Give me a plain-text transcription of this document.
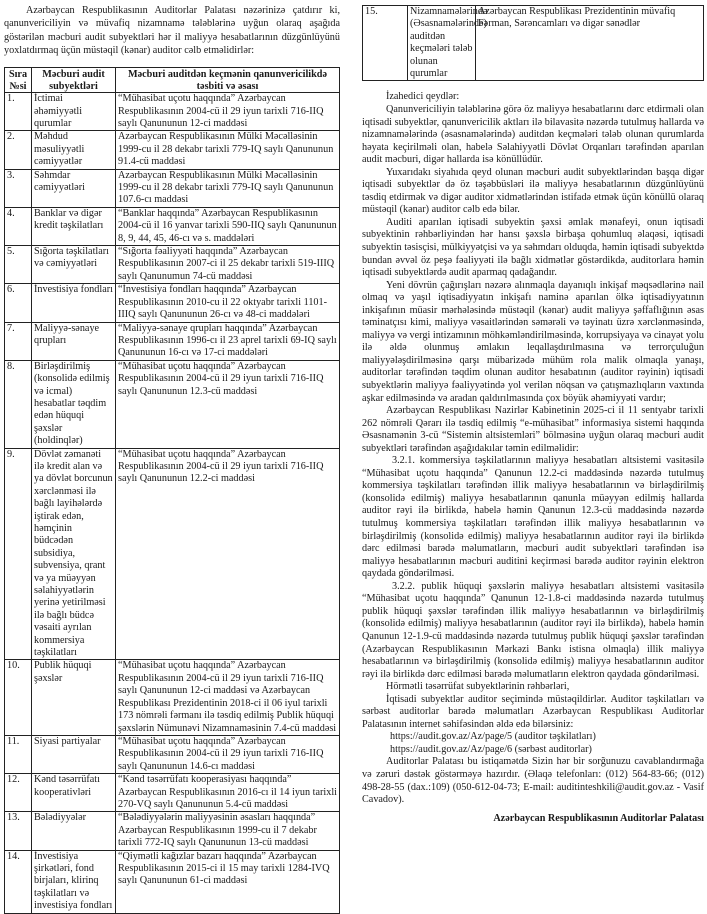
Azərbaycan Respublikasının Auditorlar Palatası nəzərinizə çatdırır ki, qanunvericiliyin və müvafiq nizamnamə tələblərinə uyğun olaraq aşağıda göstərilən məcburi audit subyektləri hər il maliyyə hesabatlarının düzgünlüyünü yoxlatdırmaq üçün müstəqil (kənar) auditor cəlb etməlidirlər:

Sıra №si	Məcburi audit subyektləri	Məcburi auditdən keçmənin qanunvericilikdə təsbiti və əsası
1.	İctimai əhəmiyyətli qurumlar	“Mühasibat uçotu haqqında” Azərbaycan Respublikasının 2004-cü il 29 iyun tarixli 716-IIQ saylı Qanununun 12-ci maddəsi
2.	Məhdud məsuliyyətli cəmiyyətlər	Azərbaycan Respublikasının Mülki Məcəlləsinin 1999-cu il 28 dekabr tarixli 779-IQ saylı Qanununun 91.4-cü maddəsi
3.	Səhmdar cəmiyyətləri	Azərbaycan Respublikasının Mülki Məcəlləsinin 1999-cu il 28 dekabr tarixli 779-IQ saylı Qanununun 107.6-cı maddəsi
4.	Banklar və digər kredit təşkilatları	“Banklar haqqında” Azərbaycan Respublikasının 2004-cü il 16 yanvar tarixli 590-IIQ saylı Qanununun 8, 9, 44, 45, 46-cı və s. maddələri
5.	Sığorta təşkilatları və cəmiyyətləri	“Sığorta fəaliyyəti haqqında” Azərbaycan Respublikasının 2007-ci il 25 dekabr tarixli 519-IIIQ saylı Qanunumun 74-cü maddəsi
6.	İnvestisiya fondları	“İnvestisiya fondları haqqında” Azərbaycan Respublikasının 2010-cu il 22 oktyabr tarixli 1101-IIIQ saylı Qanununun 26-cı və 48-ci maddələri
7.	Maliyyə-sənaye qrupları	“Maliyyə-sənaye qrupları haqqında” Azərbaycan Respublikasının 1996-cı il 23 aprel tarixli 69-IQ saylı Qanununun 16-cı və 17-ci maddələri
8.	Birləşdirilmiş (konsolidə edilmiş və icmal) hesabatlar təqdim edən hüquqi şəxslər (holdinqlər)	“Mühasibat uçotu haqqında” Azərbaycan Respublikasının 2004-cü il 29 iyun tarixli 716-IIQ saylı Qanununun 12.3-cü maddəsi
9.	Dövlət zəmanəti ilə kredit alan və ya dövlət borcunun xərclənməsi ilə bağlı layihələrdə iştirak edən, həmçinin büdcədən subsidiya, subvensiya, qrant və ya müəyyən səlahiyyətlərin yerinə yetirilməsi ilə bağlı büdcə vəsaiti ayrılan kommersiya təşkilatları	“Mühasibat uçotu haqqında” Azərbaycan Respublikasının 2004-cü il 29 iyun tarixli 716-IIQ saylı Qanununun 12.2-ci maddəsi
10.	Publik hüquqi şəxslər	“Mühasibat uçotu haqqında” Azərbaycan Respublikasının 2004-cü il 29 iyun tarixli 716-IIQ saylı Qanununun 12-ci maddəsi və Azərbaycan Respublikası Prezidentinin 2018-ci il 06 iyul tarixli 173 nömrəli fərmanı ilə təsdiq edilmiş Publik hüquqi şəxslərin Nümunəvi Nizamnaməsinin 7.4-cü maddəsi
11.	Siyasi partiyalar	“Mühasibat uçotu haqqında” Azərbaycan Respublikasının 2004-cü il 29 iyun tarixli 716-IIQ saylı Qanununun 14.6-cı maddəsi
12.	Kənd təsərrüfatı kooperativləri	“Kənd təsərrüfatı kooperasiyası haqqında” Azərbaycan Respublikasının 2016-cı il 14 iyun tarixli 270-VQ saylı Qanununun 5.4-cü maddəsi
13.	Bələdiyyələr	“Bələdiyyələrin maliyyəsinin əsasları haqqında” Azərbaycan Respublikasının 1999-cu il 7 dekabr tarixli 772-IQ saylı Qanununun 13-cü maddəsi
14.	İnvestisiya şirkətləri, fond birjaları, klirinq təşkilatları və investisiya fondları	“Qiymətli kağızlar bazarı haqqında” Azərbaycan Respublikasının 2015-ci il 15 may tarixli 1284-IVQ saylı Qanununun 61-ci maddəsi
15.	Nizamnamələrində (Əsasnamələrində) auditdən keçmələri tələb olunan qurumlar	Azərbaycan Respublikası Prezidentinin müvafiq Fərman, Sərəncamları və digər sənədlər

İzahedici qeydlər:

Qanunvericiliyin tələblərinə görə öz maliyyə hesabatlarını dərc etdirməli olan iqtisadi subyektlər, qanunvericilik aktları ilə bilavasitə nəzərdə tutulmuş hallarda və nizamnamələrində (əsasnamələrində) auditdən keçmələri tələb olunan qurumlarda həyata keçirilməli olan, habelə Səlahiyyətli Dövlət Orqanları tərəfindən aparılan audit məcburi, digər hallarda isə könüllüdür.

Yuxarıdakı siyahıda qeyd olunan məcburi audit subyektlərindən başqa digər iqtisadi subyektlər də öz təşəbbüsləri ilə maliyyə hesabatlarının düzgünlüyünü təsdiq etdirmək və digər auditor xidmətlərindən istifadə etmək üçün könüllü olaraq müstəqil (kənar) auditor cəlb edə bilər.

Auditi aparılan iqtisadi subyektin şəxsi əmlak mənafeyi, onun iqtisadi subyektinin rəhbərliyindən hər hansı şəxslə birbaşa qohumluq əlaqəsi, iqtisadi subyektin təsisçisi, mülkiyyətçisi və ya səhmdarı olduqda, həmin iqtisadi subyektdə bundan əvvəl öz peşə fəaliyyəti ilə bağlı xidmətlər göstərdikdə, auditorlara həmin iqtisadi subyektlərdə audit aparmaq qadağandır.

Yeni dövrün çağırışları nəzərə alınmaqla dayanıqlı inkişaf məqsədlərinə nail olmaq və yaşıl iqtisadiyyatın inkişafı naminə aparılan ölkə iqtisadiyyatının inkişafının müasir mərhələsində müstəqil (kənar) audit maliyyə şəffaflığının əsas təminatçısı kimi, maliyyə vəsaitlərindən səmərəli və təyinatı üzrə xərclənməsində, maliyyə və vergi intizamının möhkəmləndirilməsində, korrupsiyaya və cinayət yolu ilə əldə olunmuş əmlakın leqallaşdırılmasına və terrorçuluğun maliyyələşdirilməsinə qarşı mübarizədə mühüm rola malik olmaqla yanaşı, auditorlar tərəfindən təqdim olunan auditor hesabatının (auditor rəyinin) iqtisadi subyektlərin maliyyə fəaliyyətində yol verilən nöqsan və çatışmazlıqların vaxtında aşkar edilməsində və aradan qaldırılmasında çox böyük əhəmiyyəti vardır;

Azərbaycan Respublikası Nazirlər Kabinetinin 2025-ci il 11 sentyabr tarixli 262 nömrəli Qərarı ilə təsdiq edilmiş “e-mühasibat” informasiya sistemi haqqında Əsasnamənin 3-cü “Sistemin altsistemləri” bölməsinə uyğun olaraq məcburi audit subyektləri tərəfindən aşağıdakılar təmin edilməlidir:

3.2.1. kommersiya təşkilatlarının maliyyə hesabatları altsistemi vasitəsilə “Mühasibat uçotu haqqında” Qanunun 12.2-ci maddəsində nəzərdə tutulmuş kommersiya təşkilatları tərəfindən illik maliyyə hesabatlarının və birləşdirilmiş (konsolidə edilmiş) maliyyə hesabatlarının qanunla müəyyən edilmiş hallarda auditor rəyi ilə birlikdə, habelə həmin Qanunun 12.3-cü maddəsində nəzərdə tutulmuş kommersiya təşkilatları tərəfindən illik maliyyə hesabatlarının və birləşdirilmiş (konsolidə edilmiş) maliyyə hesabatlarının auditor rəyi ilə birlikdə dərc edilməsi barədə məlumatların, məcburi audit subyektləri tərəfindən isə maliyyə hesabatlarının məcburi auditini keçirməsi barədə auditor rəyinin elektron qaydada göndərilməsi.

3.2.2. publik hüquqi şəxslərin maliyyə hesabatları altsistemi vasitəsilə “Mühasibat uçotu haqqında” Qanunun 12-1.8-ci maddəsində nəzərdə tutulmuş publik hüquqi şəxslər tərəfindən illik maliyyə hesabatlarının və birləşdirilmiş (konsolidə edilmiş) maliyyə hesabatlarının (auditor rəyi ilə birlikdə), habelə həmin Qanunun 12-1.9-cü maddəsində nəzərdə tutulmuş publik hüquqi şəxslər tərəfindən (Azərbaycan Respublikasının Mərkəzi Bankı istisna olmaqla) illik maliyyə hesabatlarının və birləşdirilmiş (konsolidə edilmiş) maliyyə hesabatlarının auditor rəyi ilə birlikdə dərc edilməsi barədə məlumatların elektron qaydada göndərilməsi.

Hörmətli təsərrüfat subyektlərinin rəhbərləri,

İqtisadi subyektlər auditor seçimində müstəqildirlər. Auditor təşkilatları və sərbəst auditorlar barədə məlumatları Azərbaycan Respublikası Auditorlar Palatasının internet səhifəsindən əldə edə bilərsiniz:

https://audit.gov.az/Az/page/5 (auditor təşkilatları)

https://audit.gov.az/Az/page/6 (sərbəst auditorlar)

Auditorlar Palatası bu istiqamətdə Sizin hər bir sorğunuzu cavablandırmağa və zəruri dəstək göstərməyə hazırdır. (Əlaqə telefonları: (012) 564-83-66; (012) 498-28-55 (dax.:109) (050-612-04-73; E-mail: auditinteshkili@audit.gov.az - Vasif Cavadov).

Azərbaycan Respublikasının Auditorlar Palatası
